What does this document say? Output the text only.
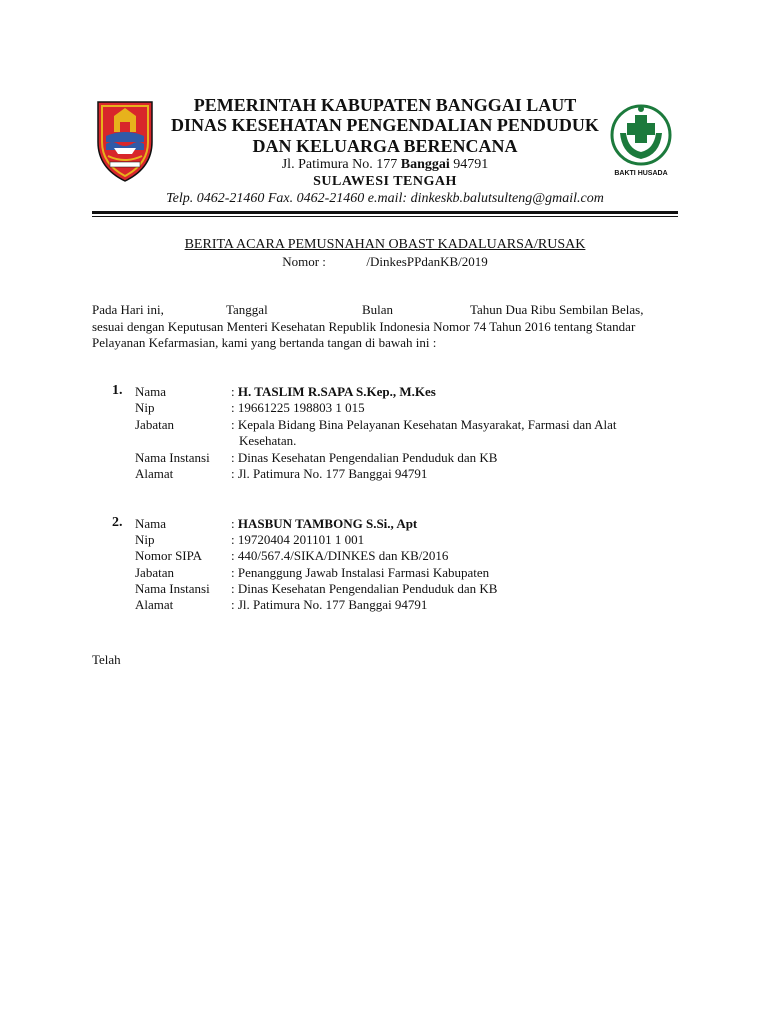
BAKTI HUSADA
PEMERINTAH KABUPATEN BANGGAI LAUT
DINAS KESEHATAN PENGENDALIAN PENDUDUK
DAN KELUARGA BERENCANA
Jl. Patimura No. 177 Banggai 94791
SULAWESI TENGAH
Telp. 0462-21460 Fax. 0462-21460 e.mail: dinkeskb.balutsulteng@gmail.com
BERITA ACARA PEMUSNAHAN OBAST KADALUARSA/RUSAK
Nomor :	/DinkesPPdanKB/2019
Pada Hari ini,	Tanggal	Bulan	Tahun Dua Ribu Sembilan Belas,
sesuai dengan Keputusan Menteri Kesehatan Republik Indonesia Nomor 74 Tahun 2016 tentang Standar
Pelayanan Kefarmasian, kami yang bertanda tangan di bawah ini :
1. Nama	: H. TASLIM R.SAPA S.Kep., M.Kes
Nip	: 19661225 198803 1 015
Jabatan	: Kepala Bidang Bina Pelayanan Kesehatan Masyarakat, Farmasi dan Alat
Kesehatan.
Nama Instansi : Dinas Kesehatan Pengendalian Penduduk dan KB
Alamat	: Jl. Patimura No. 177 Banggai 94791
2. Nama	: HASBUN TAMBONG S.Si., Apt
Nip	: 19720404 201101 1 001
Nomor SIPA : 440/567.4/SIKA/DINKES dan KB/2016
Jabatan	: Penanggung Jawab Instalasi Farmasi Kabupaten
Nama Instansi : Dinas Kesehatan Pengendalian Penduduk dan KB
Alamat	: Jl. Patimura No. 177 Banggai 94791
Telah
